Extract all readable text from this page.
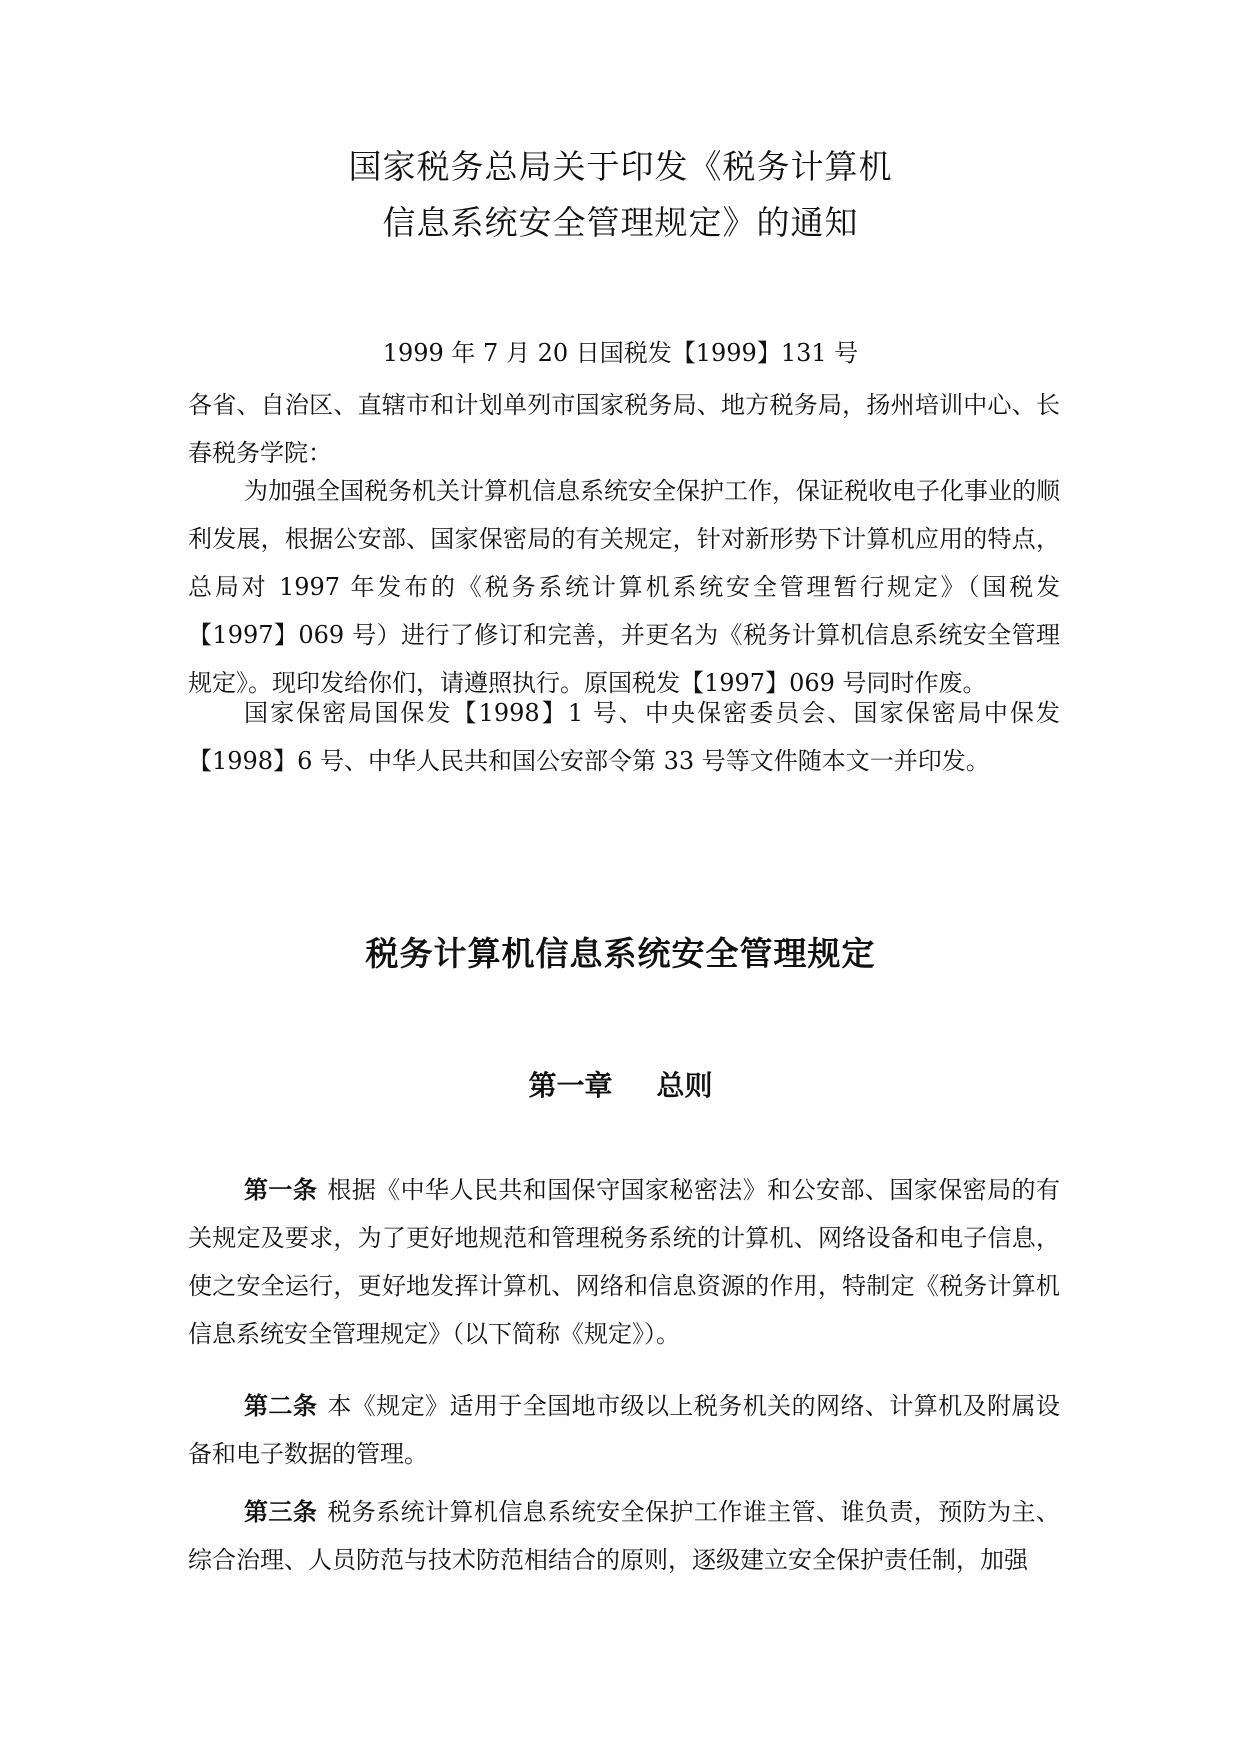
国家税务总局关于印发《税务计算机
信息系统安全管理规定》的通知

1999 年 7 月 20 日国税发【1999】131 号

各省、自治区、直辖市和计划单列市国家税务局、地方税务局，扬州培训中心、长春税务学院：

为加强全国税务机关计算机信息系统安全保护工作，保证税收电子化事业的顺利发展，根据公安部、国家保密局的有关规定，针对新形势下计算机应用的特点，总局对 1997 年发布的《税务系统计算机系统安全管理暂行规定》（国税发【1997】069 号）进行了修订和完善，并更名为《税务计算机信息系统安全管理规定》。现印发给你们，请遵照执行。原国税发【1997】069 号同时作废。

国家保密局国保发【1998】1 号、中央保密委员会、国家保密局中保发【1998】6 号、中华人民共和国公安部令第 33 号等文件随本文一并印发。

税务计算机信息系统安全管理规定
第一章 总则

第一条 根据《中华人民共和国保守国家秘密法》和公安部、国家保密局的有关规定及要求，为了更好地规范和管理税务系统的计算机、网络设备和电子信息，使之安全运行，更好地发挥计算机、网络和信息资源的作用，特制定《税务计算机信息系统安全管理规定》（以下简称《规定》）。

第二条 本《规定》适用于全国地市级以上税务机关的网络、计算机及附属设备和电子数据的管理。

第三条 税务系统计算机信息系统安全保护工作谁主管、谁负责，预防为主、综合治理、人员防范与技术防范相结合的原则，逐级建立安全保护责任制，加强
